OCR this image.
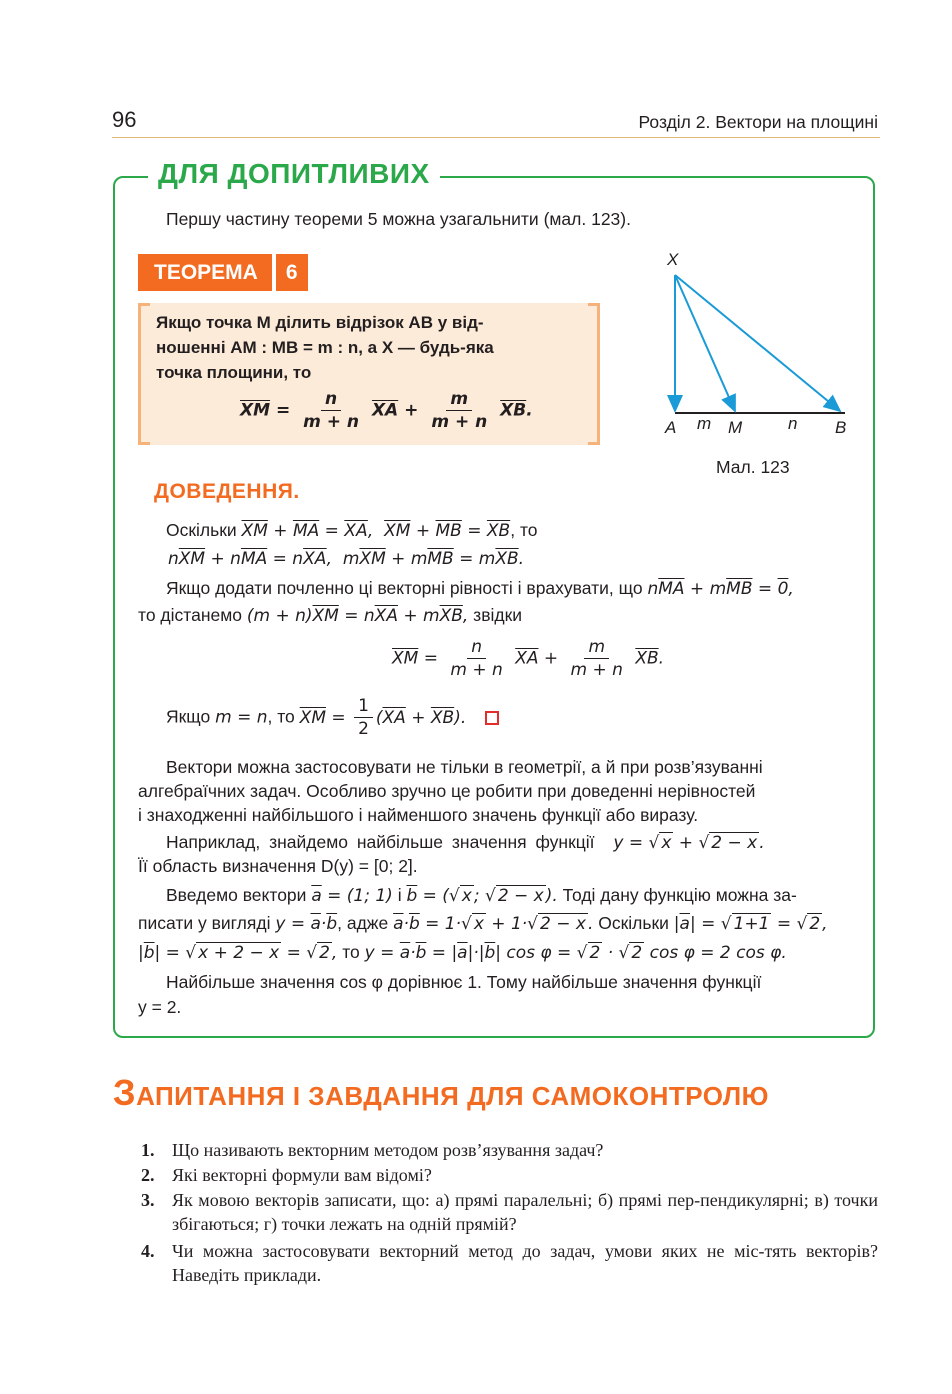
96	Розділ 2. Вектори на площині
ДЛЯ ДОПИТЛИВИХ
Першу частину теореми 5 можна узагальнити (мал. 123).
ТЕОРЕМА	6
Якщо точка M ділить відрізок AB у від-
ношенні AM : MB = m : n, а X — будь-яка
точка площини, то
$\overline{XM} = \frac{n}{m + n} \overline{XA} + \frac{m}{m + n} \overline{XB}$.
X
A m M	n B
Мал. 123
ДОВЕДЕННЯ.
Оскільки $\overline{XM} + \overline{MA} = \overline{XA}$,  $\overline{XM} + \overline{MB} = \overline{XB}$, то
$n\overline{XM} + n\overline{MA} = n\overline{XA}$,  $m\overline{XM} + m\overline{MB} = m\overline{XB}$.
Якщо додати почленно ці векторні рівності і врахувати, що $n\overline{MA} + m\overline{MB} = 0$,
то дістанемо $(m + n)\overline{XM} = n\overline{XA} + m\overline{XB}$, звідки
$\overline{XM} = \frac{n}{m + n} \overline{XA} + \frac{m}{m + n} \overline{XB}$.
Якщо m = n, то $\overline{XM} = \frac{1}{2} (\overline{XA} + \overline{XB})$.
Вектори можна застосовувати не тільки в геометрії, а й при розв’язуванні
алгебраїчних задач. Особливо зручно це робити при доведенні нерівностей
і знаходженні найбільшого і найменшого значень функції або виразу.
Наприклад, знайдемо найбільше значення функції y = √ x + √ 2 − x .
Її область визначення D(y) = [0; 2].
Введемо вектори $\overline{a} = (1$; 1) і $\overline{b}$ = (√ x ; √ 2 − x ). Тоді дану функцію можна за-
писати у вигляді $y = \overline{a}\cdot\overline{b}$, адже $\overline{a}\cdot\overline{b} = 1\cdot√$ x + 1·√ 2 − x . Оскільки $|\overline{a}|$ = √ 1+1 = √ 2 ,
$|\overline{b}|$ = √ x + 2 − x = √ 2 , то $y = \overline{a}\cdot\overline{b} = |\overline{a}|\cdot|\overline{b}|$ cos φ = √ 2 · √ 2 cos φ = 2 cos φ.
Найбільше значення cos φ дорівнює 1. Тому найбільше значення функції
y = 2.
ЗАПИТАННЯ І ЗАВДАННЯ ДЛЯ САМОКОНТРОЛЮ
1. Що називають векторним методом розв’язування задач?
2. Які векторні формули вам відомі?
3. Як мовою векторів записати, що: а) прямі паралельні; б) прямі пер-пендикулярні; в) точки збігаються; г) точки лежать на одній прямій?
4. Чи можна застосовувати векторний метод до задач, умови яких не міс-тять векторів? Наведіть приклади.
